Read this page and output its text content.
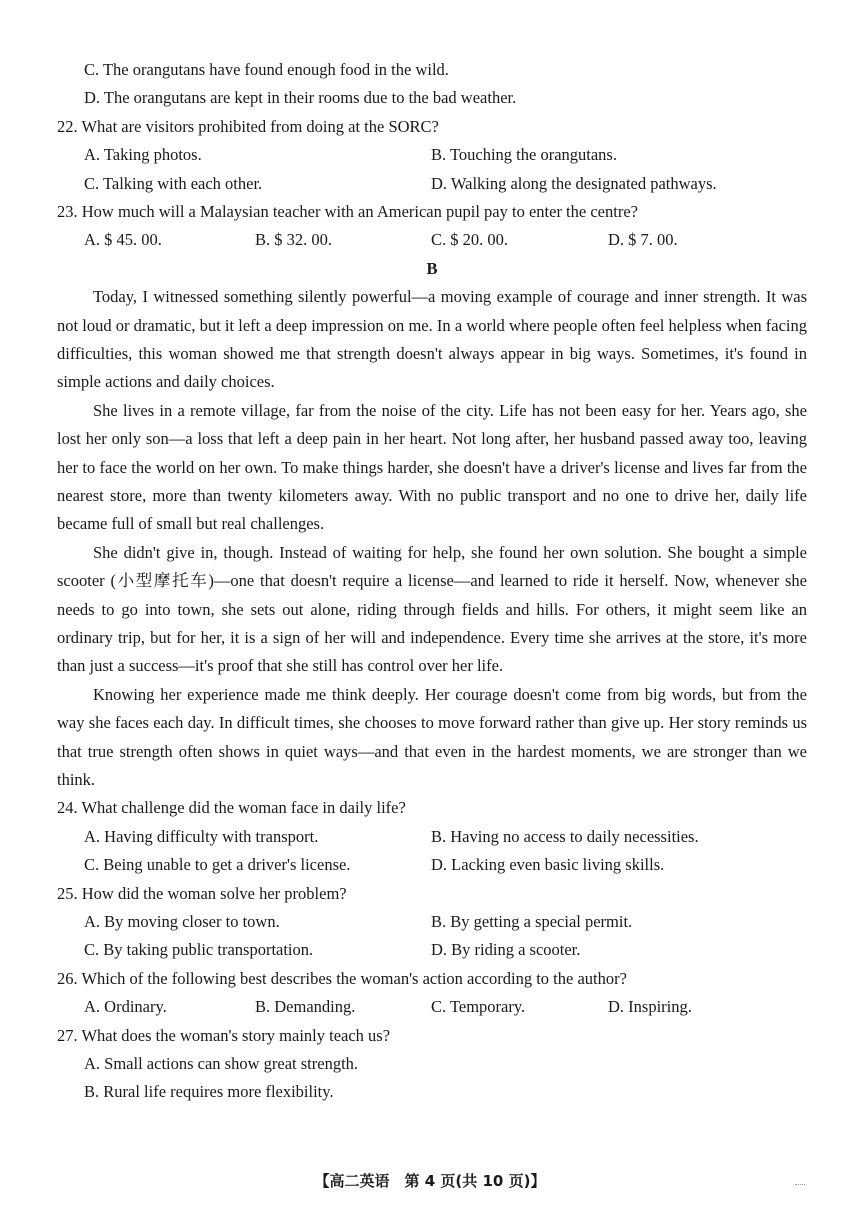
C. The orangutans have found enough food in the wild.
D. The orangutans are kept in their rooms due to the bad weather.
22. What are visitors prohibited from doing at the SORC?
A. Taking photos.	B. Touching the orangutans.
C. Talking with each other.	D. Walking along the designated pathways.
23. How much will a Malaysian teacher with an American pupil pay to enter the centre?
A. $ 45. 00.	B. $ 32. 00.	C. $ 20. 00.	D. $ 7. 00.
B

Today, I witnessed something silently powerful—a moving example of courage and inner strength. It was not loud or dramatic, but it left a deep impression on me. In a world where people often feel helpless when facing difficulties, this woman showed me that strength doesn't always appear in big ways. Sometimes, it's found in simple actions and daily choices.

She lives in a remote village, far from the noise of the city. Life has not been easy for her. Years ago, she lost her only son—a loss that left a deep pain in her heart. Not long after, her husband passed away too, leaving her to face the world on her own. To make things harder, she doesn't have a driver's license and lives far from the nearest store, more than twenty kilometers away. With no public transport and no one to drive her, daily life became full of small but real challenges.

She didn't give in, though. Instead of waiting for help, she found her own solution. She bought a simple scooter (小型摩托车)—one that doesn't require a license—and learned to ride it herself. Now, whenever she needs to go into town, she sets out alone, riding through fields and hills. For others, it might seem like an ordinary trip, but for her, it is a sign of her will and independence. Every time she arrives at the store, it's more than just a success—it's proof that she still has control over her life.

Knowing her experience made me think deeply. Her courage doesn't come from big words, but from the way she faces each day. In difficult times, she chooses to move forward rather than give up. Her story reminds us that true strength often shows in quiet ways—and that even in the hardest moments, we are stronger than we think.

24. What challenge did the woman face in daily life?
A. Having difficulty with transport.	B. Having no access to daily necessities.
C. Being unable to get a driver's license.	D. Lacking even basic living skills.
25. How did the woman solve her problem?
A. By moving closer to town.	B. By getting a special permit.
C. By taking public transportation.	D. By riding a scooter.
26. Which of the following best describes the woman's action according to the author?
A. Ordinary.	B. Demanding.	C. Temporary.	D. Inspiring.
27. What does the woman's story mainly teach us?
A. Small actions can show great strength.
B. Rural life requires more flexibility.
【高二英语　第 4 页(共 10 页)】
